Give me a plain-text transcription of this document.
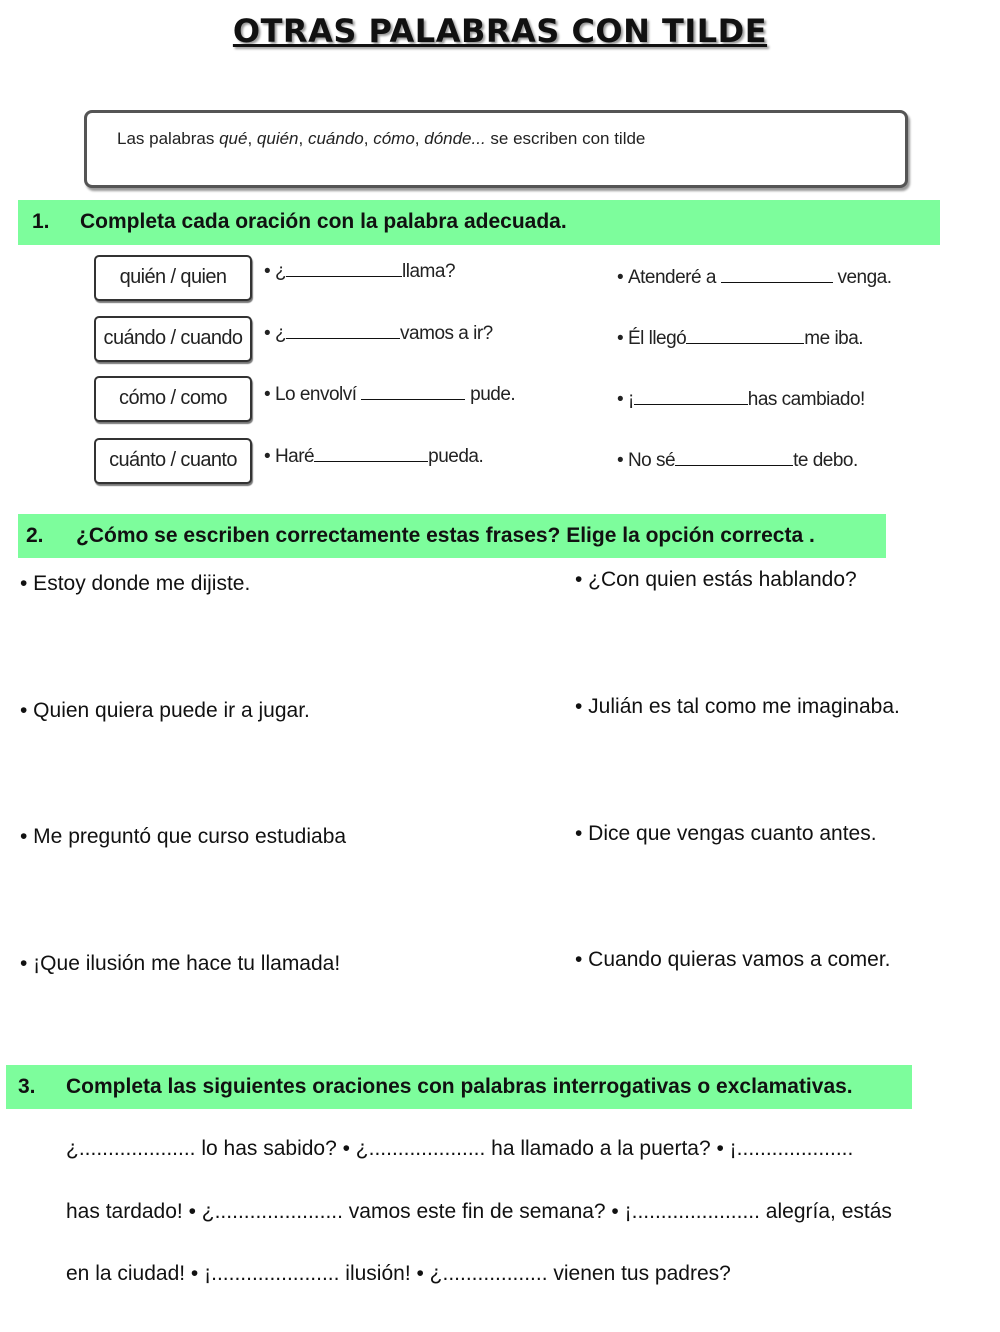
OTRAS PALABRAS CON TILDE
Las palabras qué, quién, cuándo, cómo, dónde... se escriben con tilde
1. Completa cada oración con la palabra adecuada.
quién / quien	• ¿	llama?	• Atenderé a	venga.
cuándo / cuando	• ¿	vamos a ir?	• Él llegó	me iba.
cómo / como	• Lo envolví	pude.	• ¡	has cambiado!
cuánto / cuanto	• Haré	pueda.	• No sé	te debo.
2. ¿Cómo se escriben correctamente estas frases? Elige la opción correcta .
• Estoy donde me dijiste.
• Quien quiera puede ir a jugar.
• Me preguntó que curso estudiaba
• ¡Que ilusión me hace tu llamada!
• ¿Con quien estás hablando?
• Julián es tal como me imaginaba.
• Dice que vengas cuanto antes.
• Cuando quieras vamos a comer.
3. Completa las siguientes oraciones con palabras interrogativas o exclamativas.
¿.................... lo has sabido? • ¿.................... ha llamado a la puerta? • ¡....................
has tardado! • ¿...................... vamos este fin de semana? • ¡...................... alegría, estás
en la ciudad! • ¡...................... ilusión! • ¿.................. vienen tus padres?
